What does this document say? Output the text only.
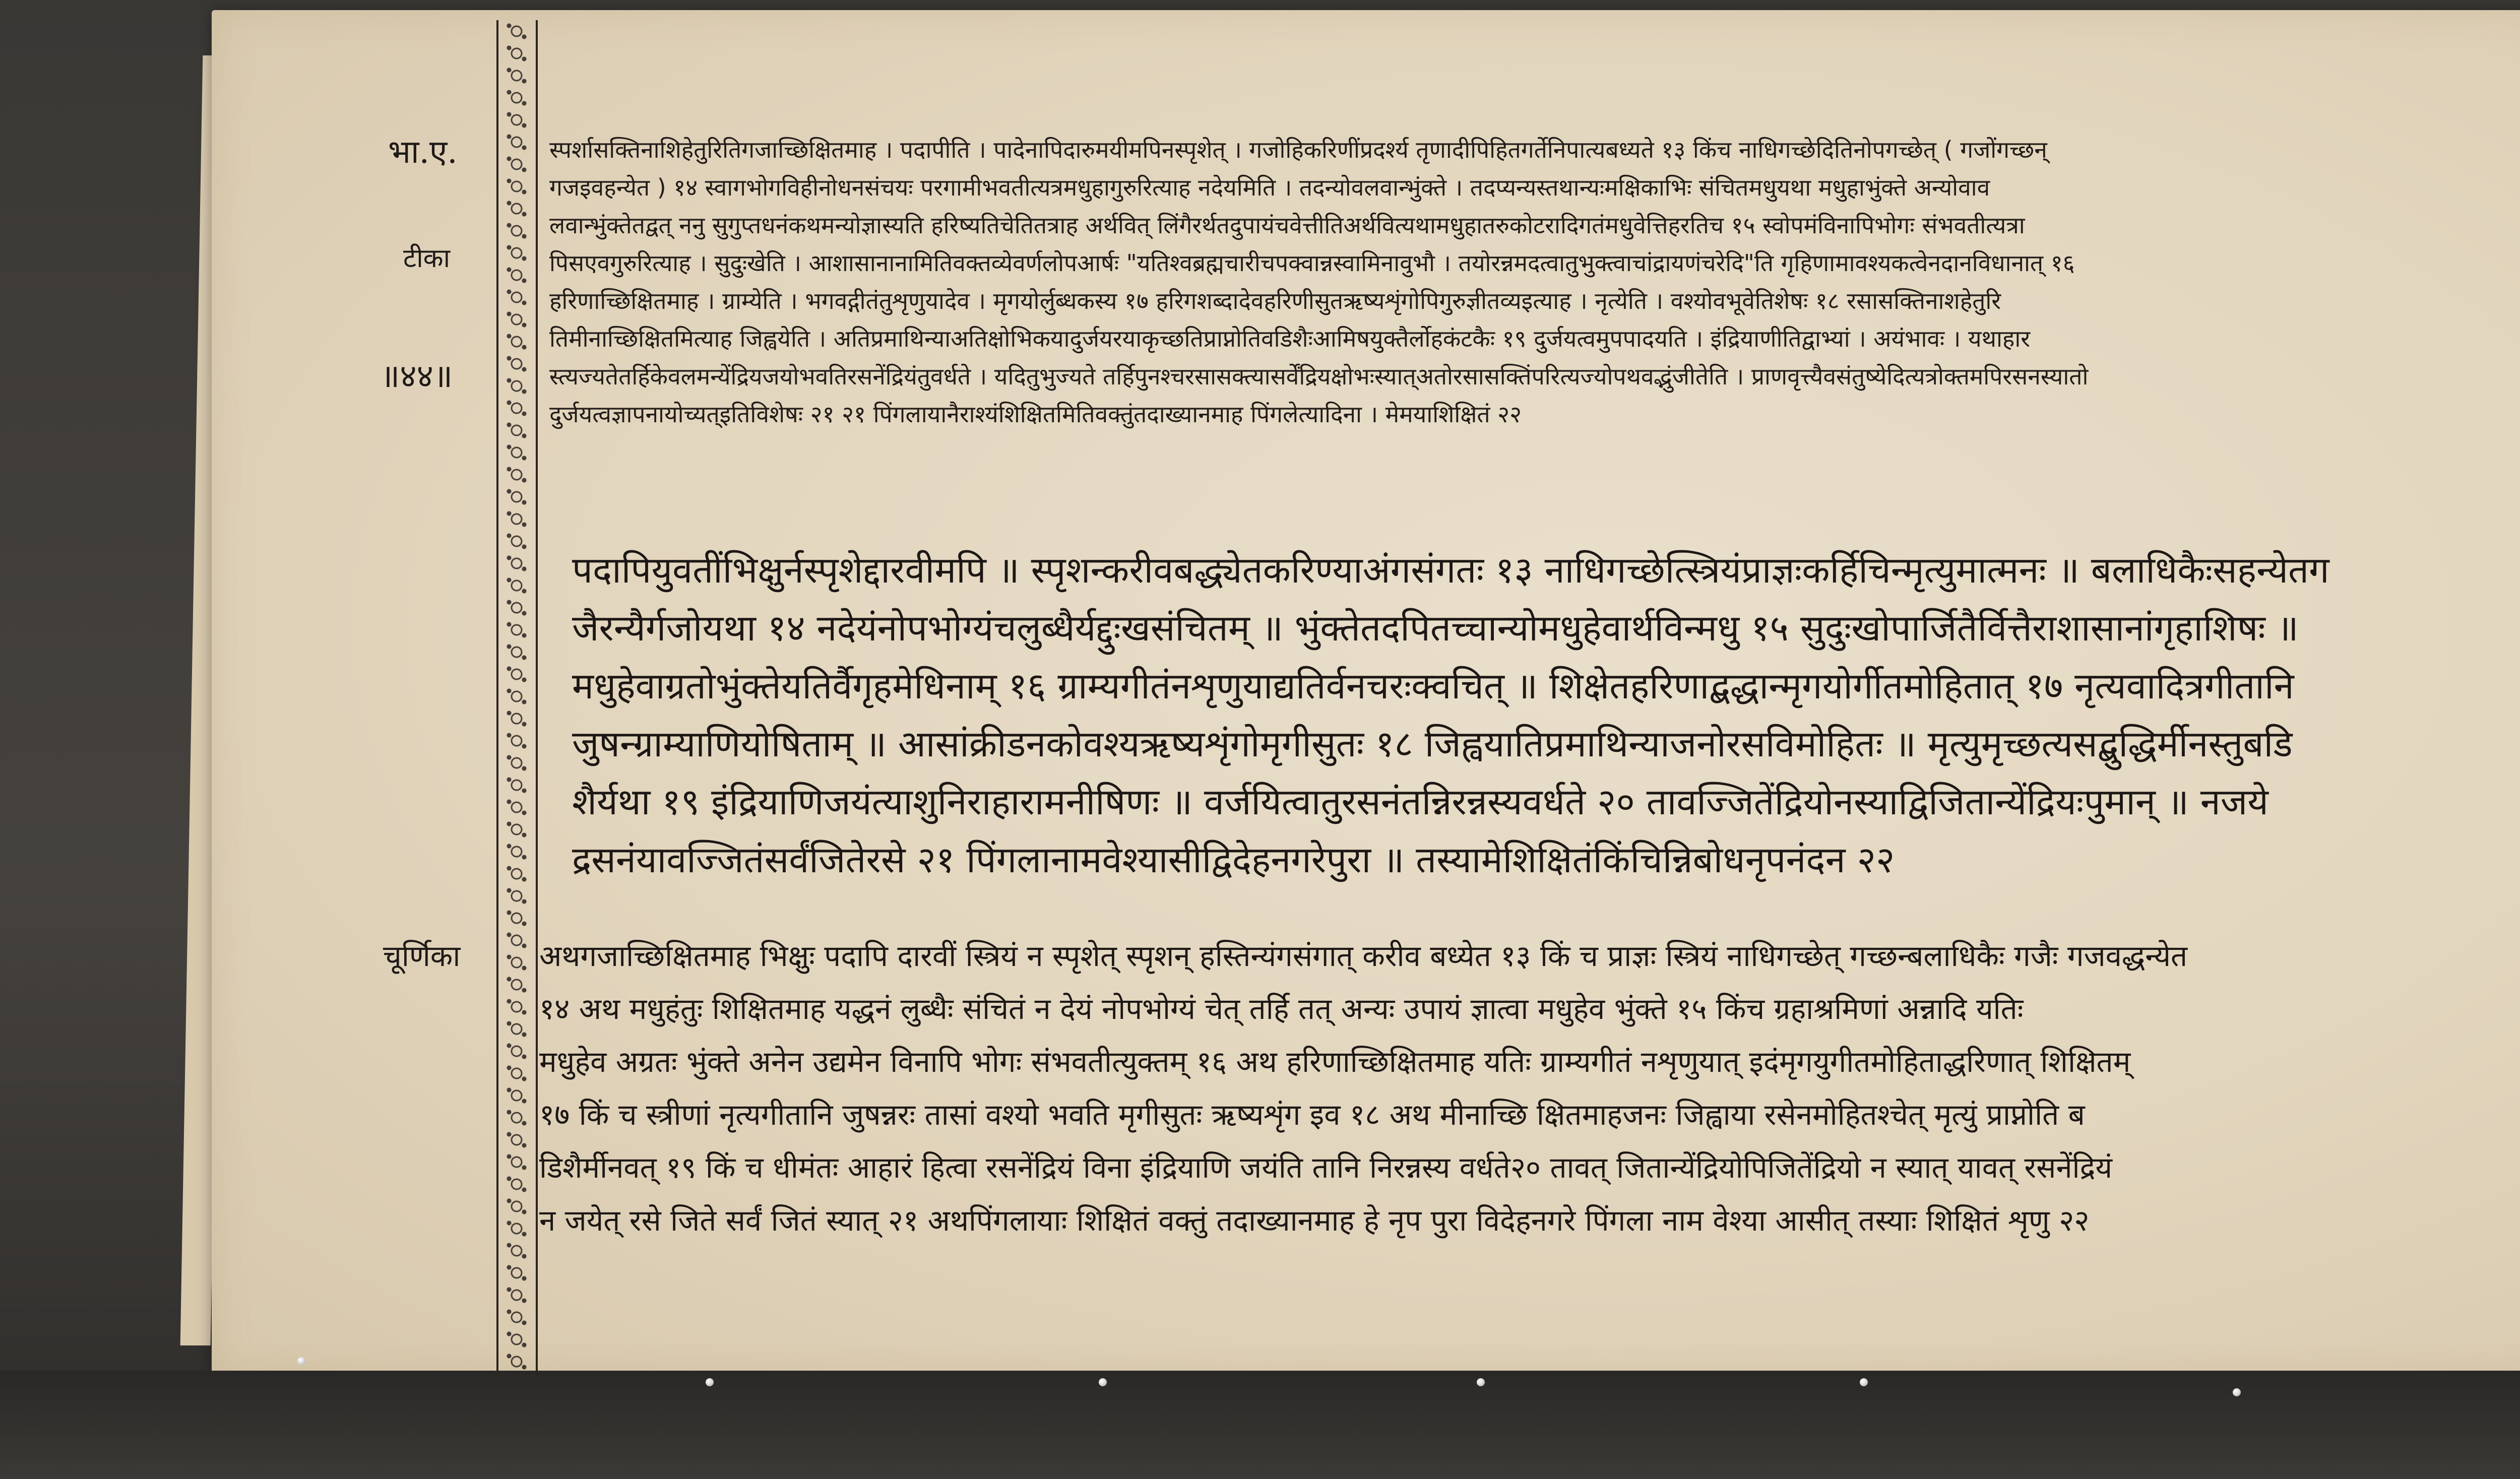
भा.ए.
टीका
॥४४॥
चूर्णिका
स्पर्शासक्तिनाशिहेतुरितिगजाच्छिक्षितमाह । पदापीति । पादेनापिदारुमयीमपिनस्पृशेत् । गजोहिकरिणींप्रदर्श्य तृणादीपिहितगर्तेनिपात्यबध्यते १३ किंच नाधिगच्छेदितिनोपगच्छेत् ( गजोंगच्छन्
गजइवहन्येत ) १४ स्वागभोगविहीनोधनसंचयः परगामीभवतीत्यत्रमधुहागुरुरित्याह नदेयमिति । तदन्योवलवान्भुंक्ते । तदप्यन्यस्तथान्यःमक्षिकाभिः संचितमधुयथा मधुहाभुंक्ते अन्योवाव
लवान्भुंक्तेतद्वत् ननु सुगुप्तधनंकथमन्योज्ञास्यति हरिष्यतिचेतितत्राह अर्थवित् लिंगैरर्थतदुपायंचवेत्तीतिअर्थवित्यथामधुहातरुकोटरादिगतंमधुवेत्तिहरतिच १५ स्वोपमंविनापिभोगः संभवतीत्यत्रा
पिसएवगुरुरित्याह । सुदुःखेति । आशासानानामितिवक्तव्येवर्णलोपआर्षः "यतिश्वब्रह्मचारीचपक्वान्नस्वामिनावुभौ । तयोरन्नमदत्वातुभुक्त्वाचांद्रायणंचरेदि"ति गृहिणामावश्यकत्वेनदानविधानात् १६
हरिणाच्छिक्षितमाह । ग्राम्येति । भगवद्गीतंतुशृणुयादेव । मृगयोर्लुब्धकस्य १७ हरिगशब्दादेवहरिणीसुतऋष्यशृंगोपिगुरुज्ञीतव्यइत्याह । नृत्येति । वश्योवभूवेतिशेषः १८ रसासक्तिनाशहेतुरि
तिमीनाच्छिक्षितमित्याह जिह्वयेति । अतिप्रमाथिन्याअतिक्षोभिकयादुर्जयरयाकृच्छतिप्राप्नोतिवडिशैःआमिषयुक्तैर्लोहकंटकैः १९ दुर्जयत्वमुपपादयति । इंद्रियाणीतिद्वाभ्यां । अयंभावः । यथाहार
स्त्यज्यतेतर्हिकेवलमन्येंद्रियजयोभवतिरसनेंद्रियंतुवर्धते । यदितुभुज्यते तर्हिपुनश्चरसासक्त्यासर्वेंद्रियक्षोभःस्यात्अतोरसासक्तिंपरित्यज्योपथवद्भुंजीतेति । प्राणवृत्त्यैवसंतुष्येदित्यत्रोक्तमपिरसनस्यातो
दुर्जयत्वज्ञापनायोच्यत्इतिविशेषः २१ २१ पिंगलायानैराश्यंशिक्षितमितिवक्तुंतदाख्यानमाह पिंगलेत्यादिना । मेमयाशिक्षितं २२
पदापियुवतींभिक्षुर्नस्पृशेद्दारवीमपि ॥ स्पृशन्करीवबद्ध्येतकरिण्याअंगसंगतः १३ नाधिगच्छेत्स्त्रियंप्राज्ञःकर्हिचिन्मृत्युमात्मनः ॥ बलाधिकैःसहन्येतग
जैरन्यैर्गजोयथा १४ नदेयंनोपभोग्यंचलुब्धैर्यद्दुःखसंचितम् ॥ भुंक्तेतदपितच्चान्योमधुहेवार्थविन्मधु १५ सुदुःखोपार्जितैर्वित्तैराशासानांगृहाशिषः ॥
मधुहेवाग्रतोभुंक्तेयतिर्वैगृहमेधिनाम् १६ ग्राम्यगीतंनशृणुयाद्यतिर्वनचरःक्वचित् ॥ शिक्षेतहरिणाद्बद्धान्मृगयोर्गीतमोहितात् १७ नृत्यवादित्रगीतानि
जुषन्ग्राम्याणियोषिताम् ॥ आसांक्रीडनकोवश्यऋष्यशृंगोमृगीसुतः १८ जिह्वयातिप्रमाथिन्याजनोरसविमोहितः ॥ मृत्युमृच्छत्यसद्बुद्धिर्मीनस्तुबडि
शैर्यथा १९ इंद्रियाणिजयंत्याशुनिराहारामनीषिणः ॥ वर्जयित्वातुरसनंतन्निरन्नस्यवर्धते २० तावज्जितेंद्रियोनस्याद्विजितान्येंद्रियःपुमान् ॥ नजये
द्रसनंयावज्जितंसर्वंजितेरसे २१ पिंगलानामवेश्यासीद्विदेहनगरेपुरा ॥ तस्यामेशिक्षितंकिंचिन्निबोधनृपनंदन २२
अथगजाच्छिक्षितमाह भिक्षुः पदापि दारवीं स्त्रियं न स्पृशेत् स्पृशन् हस्तिन्यंगसंगात् करीव बध्येत १३ किं च प्राज्ञः स्त्रियं नाधिगच्छेत् गच्छन्बलाधिकैः गजैः गजवद्धन्येत
१४ अथ मधुहंतुः शिक्षितमाह यद्धनं लुब्धैः संचितं न देयं नोपभोग्यं चेत् तर्हि तत् अन्यः उपायं ज्ञात्वा मधुहेव भुंक्ते १५ किंच ग्रहाश्रमिणां अन्नादि यतिः
मधुहेव अग्रतः भुंक्ते अनेन उद्यमेन विनापि भोगः संभवतीत्युक्तम् १६ अथ हरिणाच्छिक्षितमाह यतिः ग्राम्यगीतं नशृणुयात् इदंमृगयुगीतमोहिताद्धरिणात् शिक्षितम्
१७ किं च स्त्रीणां नृत्यगीतानि जुषन्नरः तासां वश्यो भवति मृगीसुतः ऋष्यशृंग इव १८ अथ मीनाच्छि क्षितमाहजनः जिह्वाया रसेनमोहितश्चेत् मृत्युं प्राप्नोति ब
डिशैर्मीनवत् १९ किं च धीमंतः आहारं हित्वा रसनेंद्रियं विना इंद्रियाणि जयंति तानि निरन्नस्य वर्धते२० तावत् जितान्येंद्रियोपिजितेंद्रियो न स्यात् यावत् रसनेंद्रियं
न जयेत् रसे जिते सर्वं जितं स्यात् २१ अथपिंगलायाः शिक्षितं वक्तुं तदाख्यानमाह हे नृप पुरा विदेहनगरे पिंगला नाम वेश्या आसीत् तस्याः शिक्षितं शृणु २२
